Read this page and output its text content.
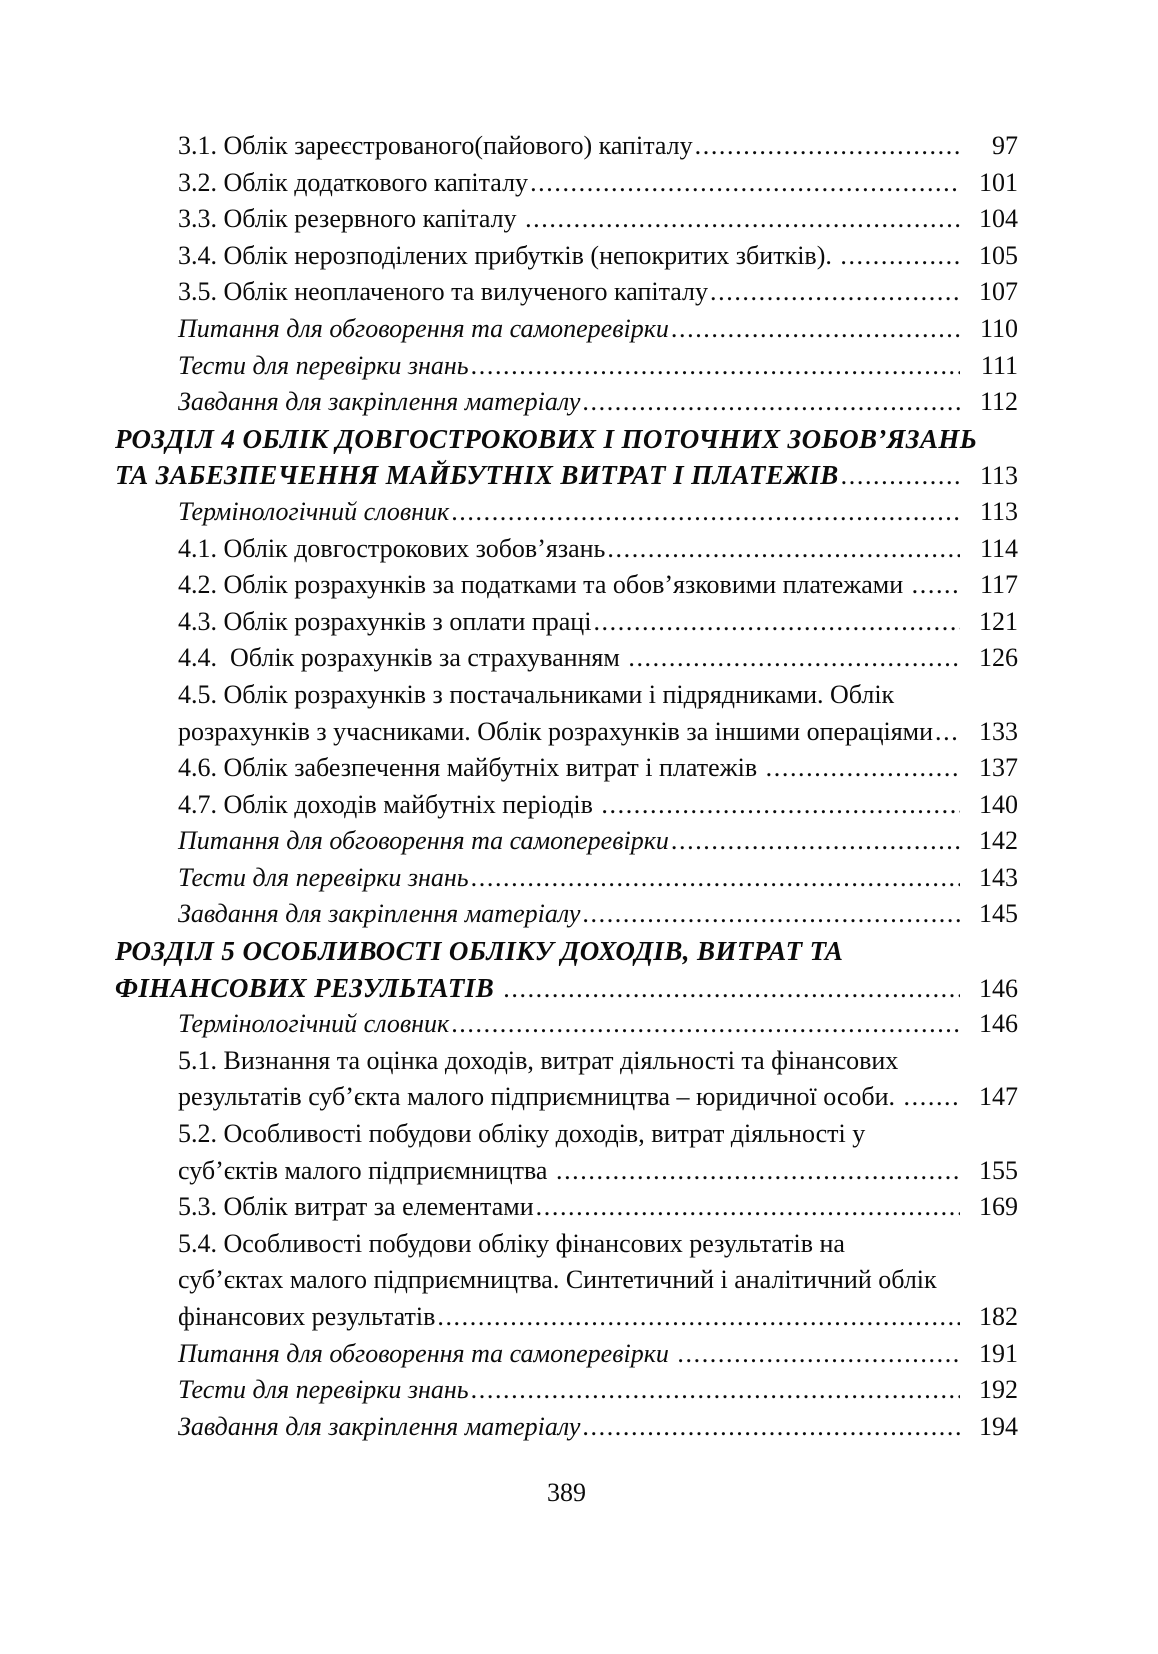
3.1. Облік зареєстрованого(пайового) капіталу .....	97
3.2. Облік додаткового капіталу .....	101
3.3. Облік резервного капіталу .....	104
3.4. Облік нерозподілених прибутків (непокритих збитків). .....	105
3.5. Облік неоплаченого та вилученого капіталу .....	107
Питання для обговорення та самоперевірки .....	110
Тести для перевірки знань .....	111
Завдання для закріплення матеріалу .....	112
РОЗДІЛ 4 ОБЛІК ДОВГОСТРОКОВИХ І ПОТОЧНИХ ЗОБОВ’ЯЗАНЬ
ТА ЗАБЕЗПЕЧЕННЯ МАЙБУТНІХ ВИТРАТ І ПЛАТЕЖІВ .....	113
Термінологічний словник .....	113
4.1. Облік довгострокових зобов’язань .....	114
4.2. Облік розрахунків за податками та обов’язковими платежами .....	117
4.3. Облік розрахунків з оплати праці .....	121
4.4.  Облік розрахунків за страхуванням .....	126
4.5. Облік розрахунків з постачальниками і підрядниками. Облік
розрахунків з учасниками. Облік розрахунків за іншими операціями .....	133
4.6. Облік забезпечення майбутніх витрат і платежів .....	137
4.7. Облік доходів майбутніх періодів .....	140
Питання для обговорення та самоперевірки .....	142
Тести для перевірки знань .....	143
Завдання для закріплення матеріалу .....	145
РОЗДІЛ 5 ОСОБЛИВОСТІ ОБЛІКУ ДОХОДІВ, ВИТРАТ ТА
ФІНАНСОВИХ РЕЗУЛЬТАТІВ .....	146
Термінологічний словник .....	146
5.1. Визнання та оцінка доходів, витрат діяльності та фінансових
результатів суб’єкта малого підприємництва – юридичної особи. .....	147
5.2. Особливості побудови обліку доходів, витрат діяльності у
суб’єктів малого підприємництва .....	155
5.3. Облік витрат за елементами .....	169
5.4. Особливості побудови обліку фінансових результатів на
суб’єктах малого підприємництва. Синтетичний і аналітичний облік
фінансових результатів .....	182
Питання для обговорення та самоперевірки .....	191
Тести для перевірки знань .....	192
Завдання для закріплення матеріалу .....	194
389
